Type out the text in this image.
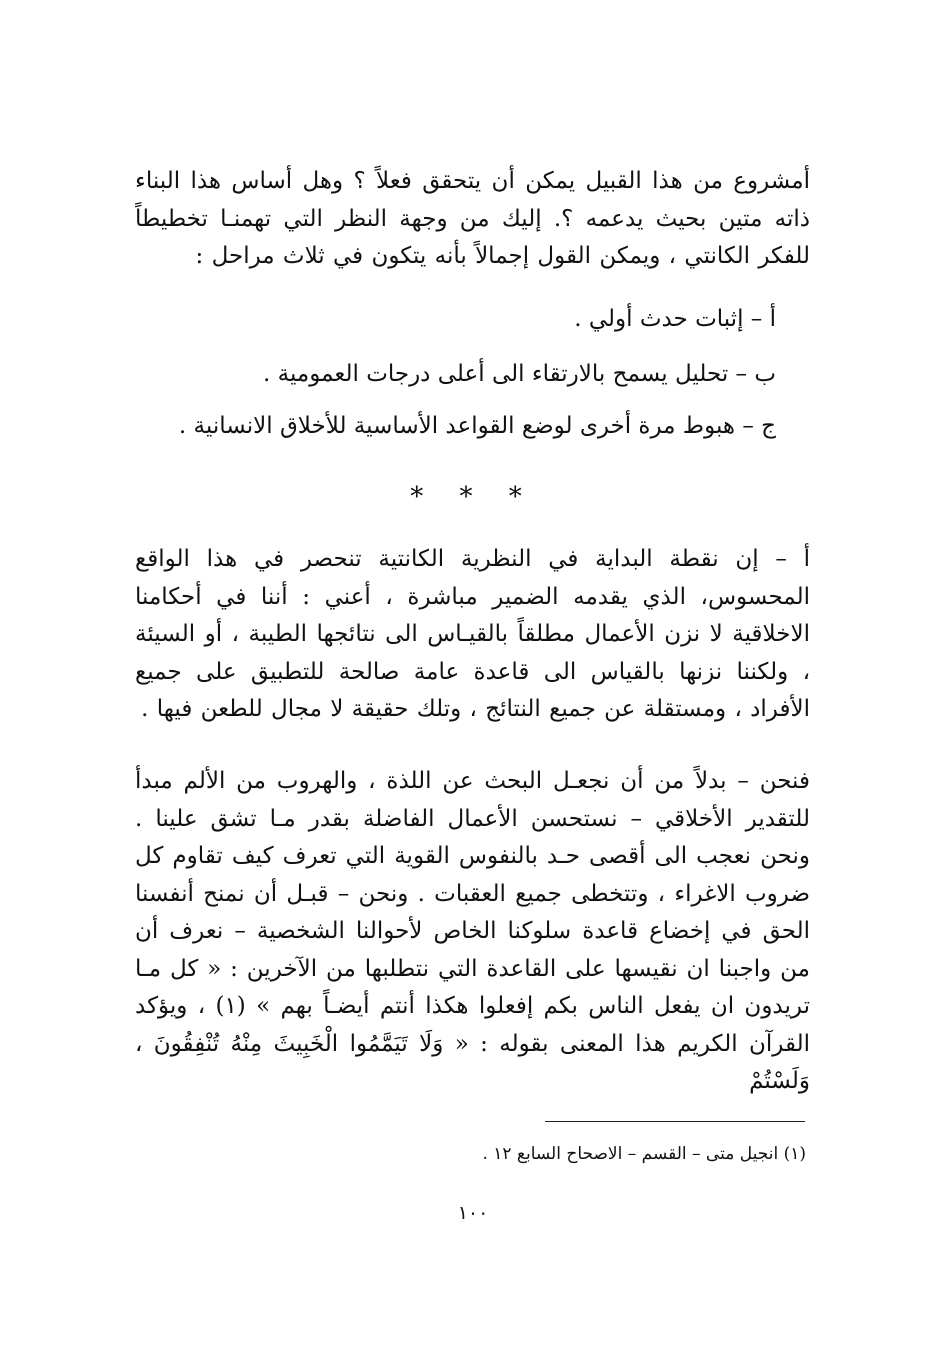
أمشروع من هذا القبيل يمكن أن يتحقق فعلاً ؟ وهل أساس هذا البناء ذاته متين بحيث يدعمه ؟. إليك من وجهة النظر التي تهمنـا تخطيطاً للفكر الكانتي ، ويمكن القول إجمالاً بأنه يتكون في ثلاث مراحل :

أ – إثبات حدث أولي .
ب – تحليل يسمح بالارتقاء الى أعلى درجات العمومية .
ج – هبوط مرة أخرى لوضع القواعد الأساسية للأخلاق الانسانية .
* * *

أ – إن نقطة البداية في النظرية الكانتية تنحصر في هذا الواقع المحسوس، الذي يقدمه الضمير مباشرة ، أعني : أننا في أحكامنا الاخلاقية لا نزن الأعمال مطلقاً بالقيـاس الى نتائجها الطيبة ، أو السيئة ، ولكننا نزنها بالقياس الى قاعدة عامة صالحة للتطبيق على جميع الأفراد ، ومستقلة عن جميع النتائج ، وتلك حقيقة لا مجال للطعن فيها .

فنحن – بدلاً من أن نجعـل البحث عن اللذة ، والهروب من الألم مبدأ للتقدير الأخلاقي – نستحسن الأعمال الفاضلة بقدر مـا تشق علينا . ونحن نعجب الى أقصى حـد بالنفوس القوية التي تعرف كيف تقاوم كل ضروب الاغراء ، وتتخطى جميع العقبات . ونحن – قبـل أن نمنح أنفسنا الحق في إخضاع قاعدة سلوكنا الخاص لأحوالنا الشخصية – نعرف أن من واجبنا ان نقيسها على القاعدة التي نتطلبها من الآخرين : « كل مـا تريدون ان يفعل الناس بكم إفعلوا هكذا أنتم أيضـاً بهم » (١) ، ويؤكد القرآن الكريم هذا المعنى بقوله : « وَلَا تَيَمَّمُوا الْخَبِيثَ مِنْهُ تُنْفِقُونَ ، وَلَسْتُمْ

(١) انجيل متى – القسم – الاصحاح السابع ١٢ .
١٠٠
